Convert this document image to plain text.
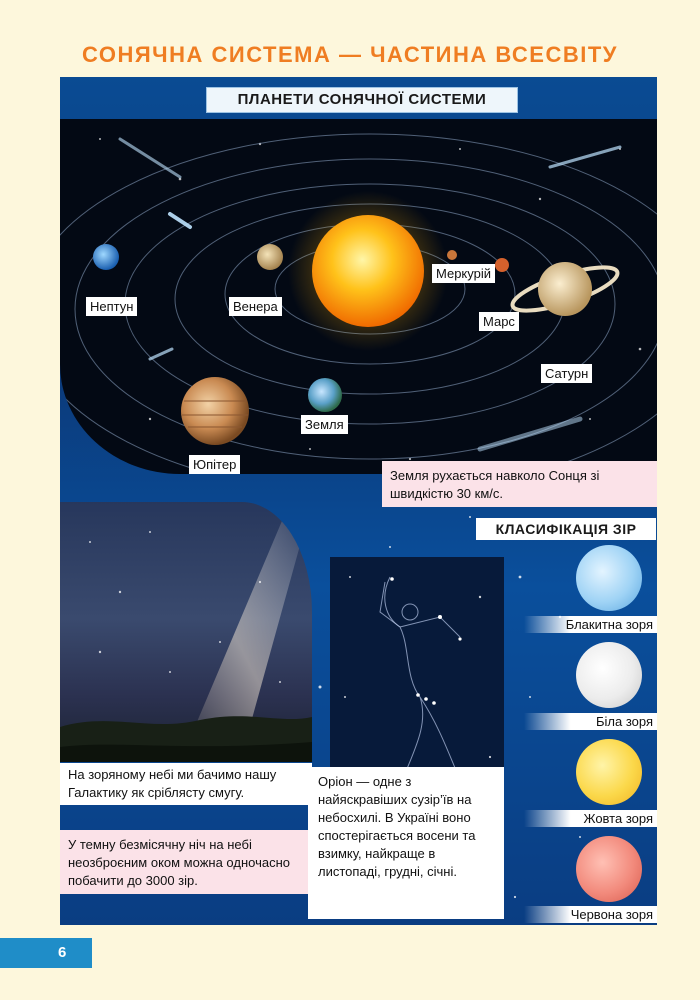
СОНЯЧНА СИСТЕМА — ЧАСТИНА ВСЕСВІТУ
ПЛАНЕТИ СОНЯЧНОЇ СИСТЕМИ
Нептун	Венера
Меркурій
Марс
Сатурн
Земля
Юпітер
Земля рухається навколо Сонця зі швидкістю 30 км/с.
На зоряному небі ми бачимо нашу Галактику як сріблясту смугу.
У темну безмісячну ніч на небі неозброєним оком можна одночасно побачити до 3000 зір.
Оріон — одне з найяскравіших сузір’їв на небосхилі. В Україні воно спостерігається восени та взимку, найкраще в листопаді, грудні, січні.
КЛАСИФІКАЦІЯ ЗІР
Блакитна зоря
Біла зоря
Жовта зоря
Червона зоря
6
